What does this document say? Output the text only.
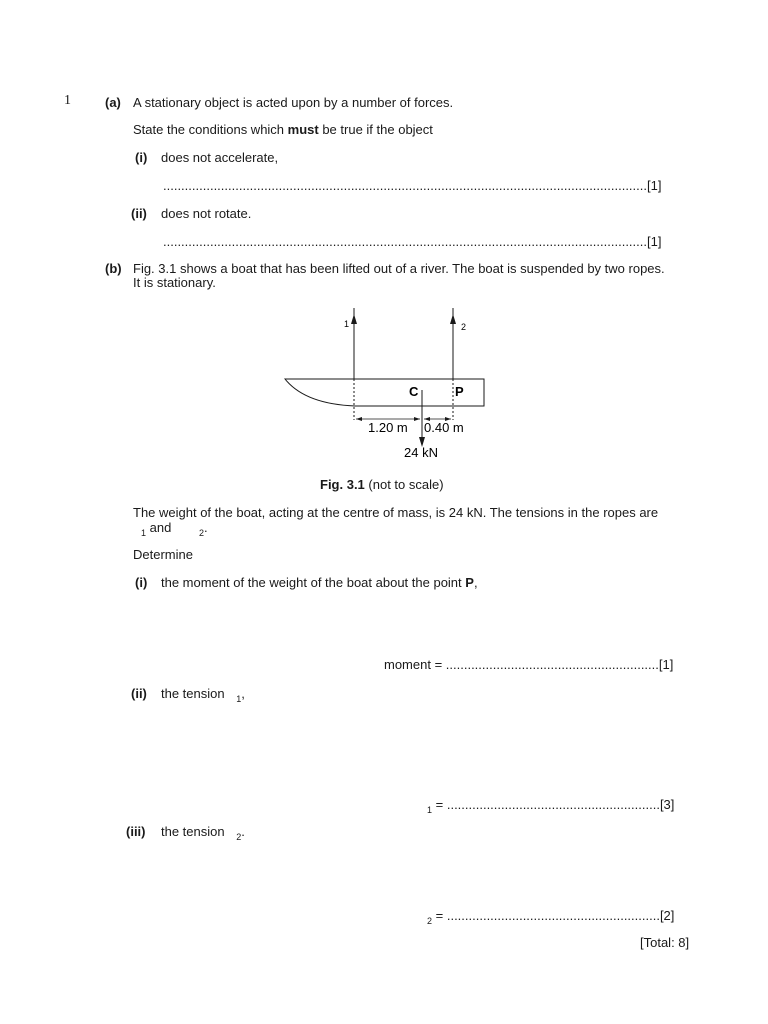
1	(a) A stationary object is acted upon by a number of forces.
State the conditions which must be true if the object
(i) does not accelerate,
......................................................................................................................................[1]
(ii) does not rotate.
......................................................................................................................................[1]
(b) Fig. 3.1 shows a boat that has been lifted out of a river. The boat is suspended by two ropes.
It is stationary.
1	2
C	P
1.20 m 0.40 m
24 kN
Fig. 3.1 (not to scale)
The weight of the boat, acting at the centre of mass, is 24 kN. The tensions in the ropes are
$_1$ and	$_2$.
Determine
(i) the moment of the weight of the boat about the point P,
moment = ...........................................................[1]
(ii) the tension $_1$,
$_1$ = ...........................................................[3]
(iii) the tension $_2$.
$_2$ = ...........................................................[2]
[Total: 8]
